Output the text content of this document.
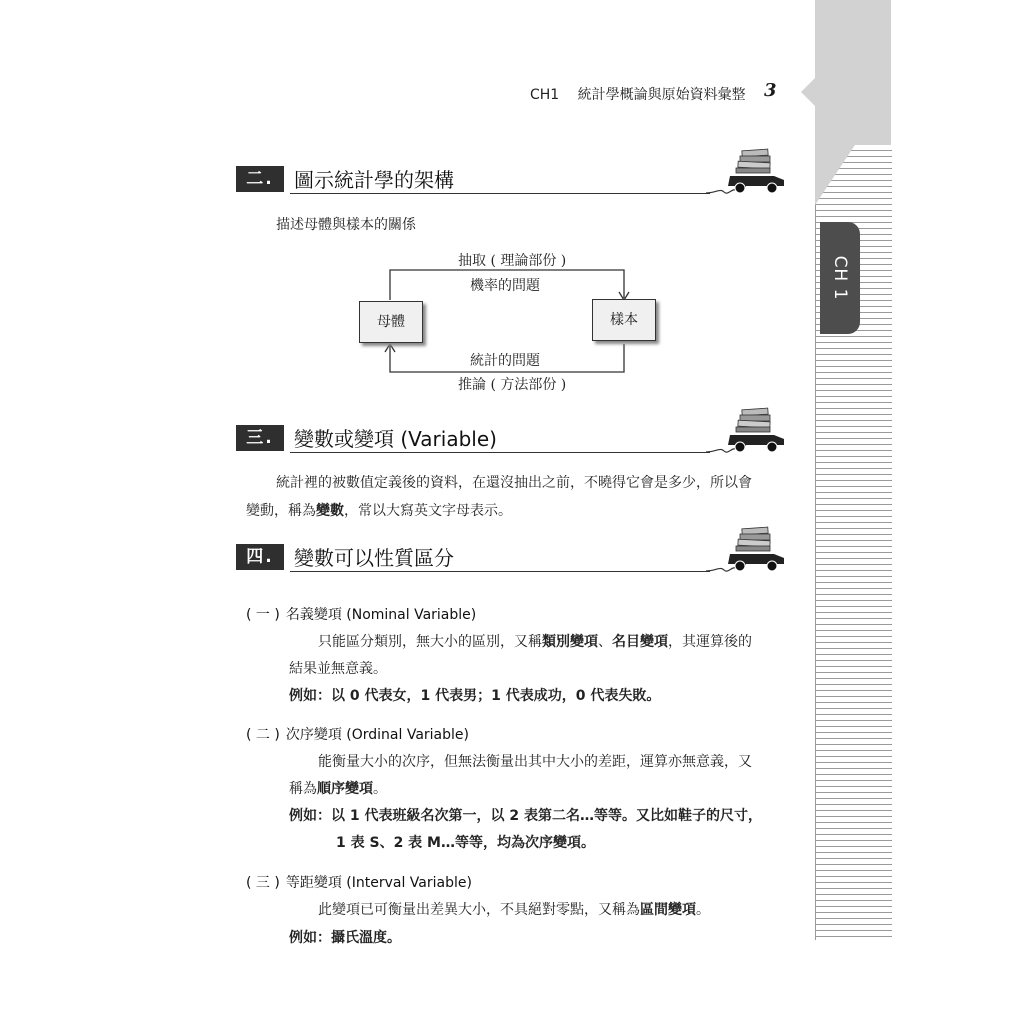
CH 1
CH1 統計學概論與原始資料彙整 3
二.	圖示統計學的架構
描述母體與樣本的關係
母體	樣本
抽取 ( 理論部份 )
機率的問題
統計的問題
推論 ( 方法部份 )
三.	變數或變項 (Variable)
統計裡的被數值定義後的資料，在還沒抽出之前，不曉得它會是多少，所以會
變動，稱為變數，常以大寫英文字母表示。
四.	變數可以性質區分
( 一 ) 名義變項 (Nominal Variable)
只能區分類別，無大小的區別，又稱類別變項、名目變項，其運算後的
結果並無意義。
例如：以 0 代表女，1 代表男；1 代表成功，0 代表失敗。
( 二 ) 次序變項 (Ordinal Variable)
能衡量大小的次序，但無法衡量出其中大小的差距，運算亦無意義，又
稱為順序變項。
例如：以 1 代表班級名次第一，以 2 表第二名…等等。又比如鞋子的尺寸，
1 表 S、2 表 M…等等，均為次序變項。
( 三 ) 等距變項 (Interval Variable)
此變項已可衡量出差異大小，不具絕對零點，又稱為區間變項。
例如：攝氏溫度。
